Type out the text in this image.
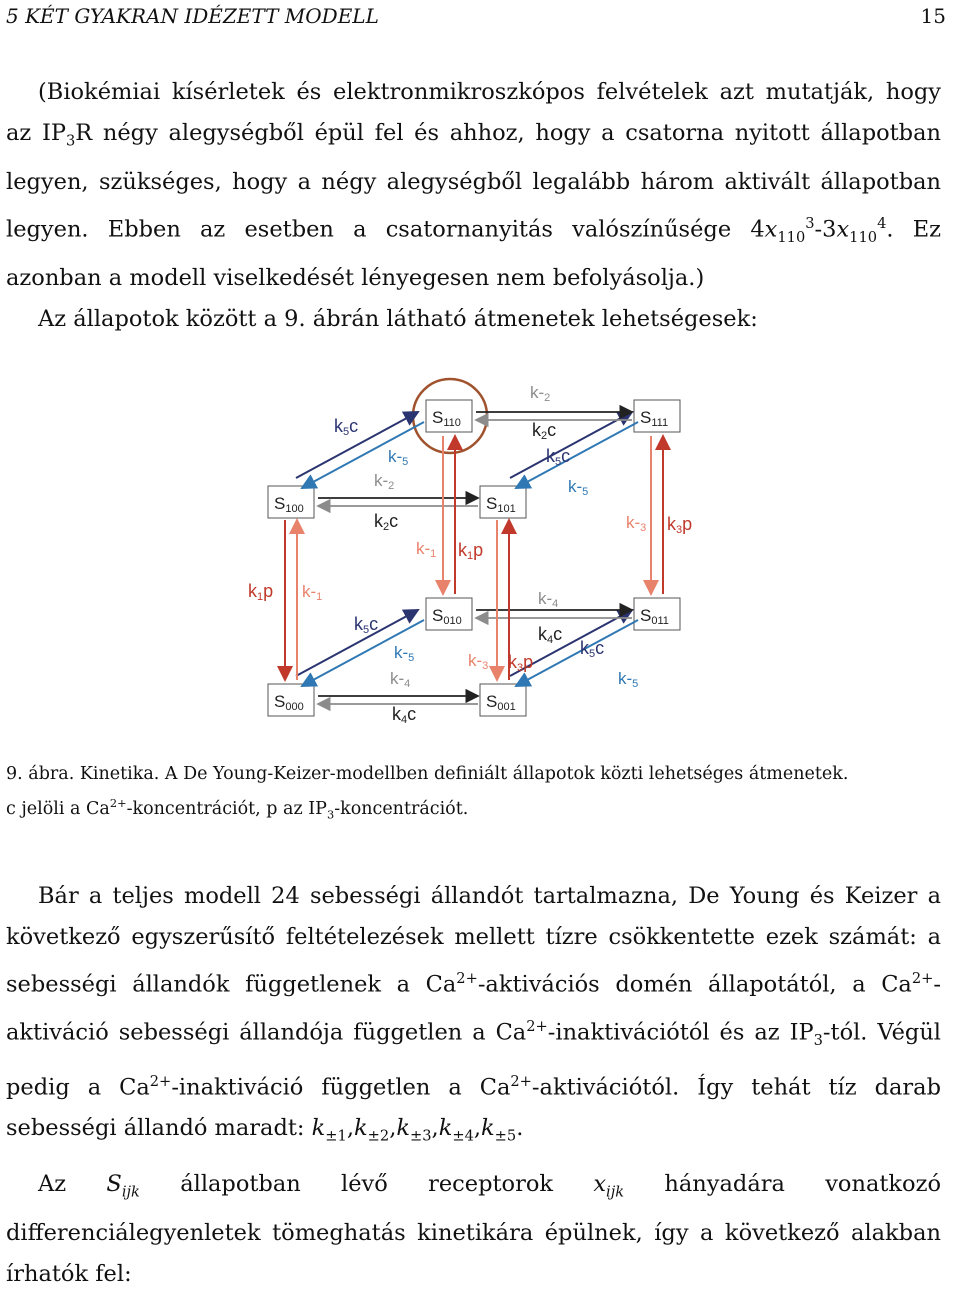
5 KÉT GYAKRAN IDÉZETT MODELL	15

(Biokémiai kísérletek és elektronmikroszkópos felvételek azt mutatják, hogy az $IP_3R$ négy alegységből épül fel és ahhoz, hogy a csatorna nyitott állapotban legyen, szükséges, hogy a négy alegységből legalább három aktivált állapotban legyen. Ebben az esetben a csatornanyitás valószínűsége $4x_{110}^3-3x_{110}^4$. Ez azonban a modell viselkedését lényegesen nem befolyásolja.)

Az állapotok között a 9. ábrán látható átmenetek lehetségesek:

S100
S110
S101
S111
S000
S010
S001
S011
k5c
k-5
k-2
k2c
k-2
k2c
k5c
k-5
k-1 k1p
k-3 k3p
k1p k-1
k5c
k-5
k-4
k4c
k-4
k4c
k-3 k3p
k5c
k-5
9. ábra. Kinetika. A De Young-Keizer-modellben definiált állapotok közti lehetséges átmenetek.
c jelöli a $Ca^{2+}$-koncentrációt, p az $IP_3$-koncentrációt.

Bár a teljes modell 24 sebességi állandót tartalmazna, De Young és Keizer a következő egyszerűsítő feltételezések mellett tízre csökkentette ezek számát: a sebességi állandók függetlenek a $Ca^{2+}$-aktivációs domén állapotától, a $Ca^{2+}$-aktiváció sebességi állandója független a $Ca^{2+}$-inaktivációtól és az $IP_3$-tól. Végül pedig a $Ca^{2+}$-inaktiváció független a $Ca^{2+}$-aktivációtól. Így tehát tíz darab sebességi állandó maradt: $k_{\pm 1},k_{\pm 2},k_{\pm 3},k_{\pm 4},k_{\pm 5}$.

Az $S_{ijk}$ állapotban lévő receptorok $x_{ijk}$ hányadára vonatkozó differenciálegyenletek tömeghatás kinetikára épülnek, így a következő alakban írhatók fel:
